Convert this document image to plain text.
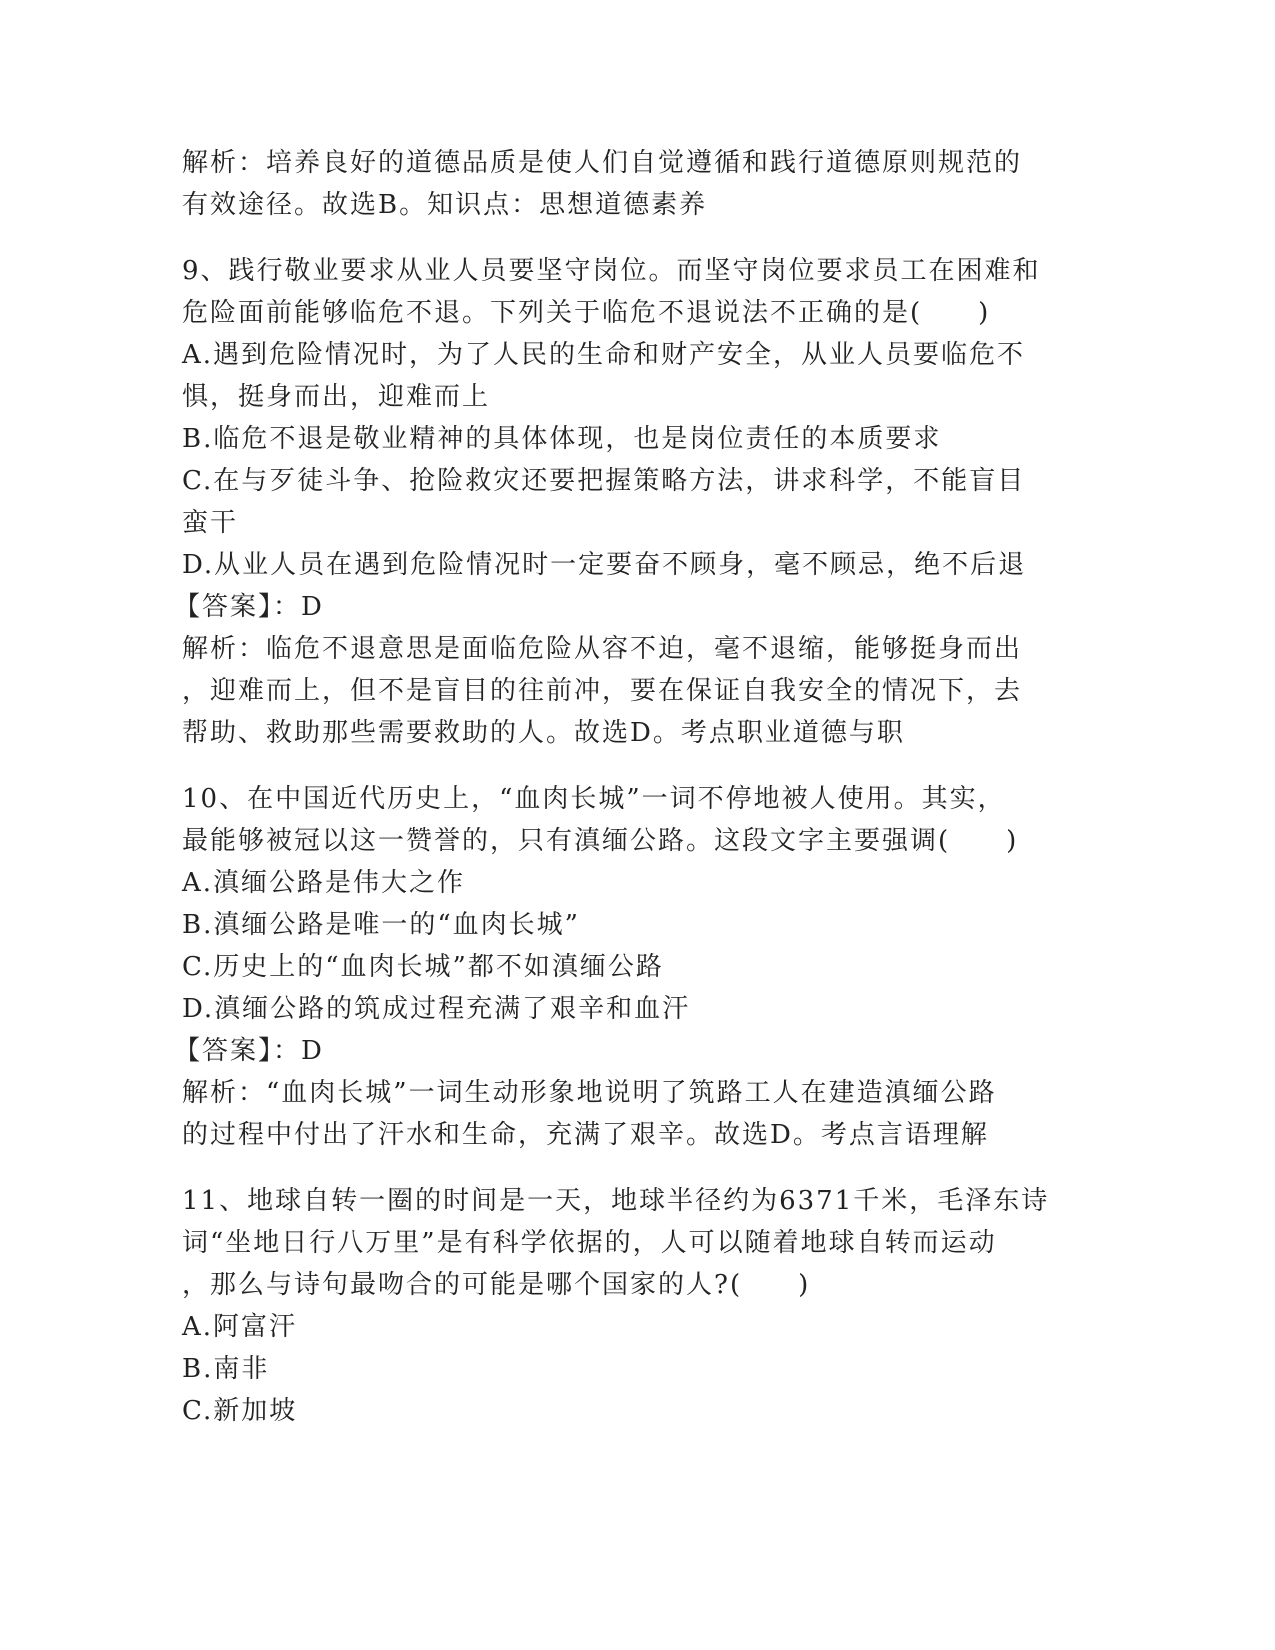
解析：培养良好的道德品质是使人们自觉遵循和践行道德原则规范的
有效途径。故选B。知识点：思想道德素养
9、践行敬业要求从业人员要坚守岗位。而坚守岗位要求员工在困难和
危险面前能够临危不退。下列关于临危不退说法不正确的是(　　)
A.遇到危险情况时，为了人民的生命和财产安全，从业人员要临危不
惧，挺身而出，迎难而上
B.临危不退是敬业精神的具体体现，也是岗位责任的本质要求
C.在与歹徒斗争、抢险救灾还要把握策略方法，讲求科学，不能盲目
蛮干
D.从业人员在遇到危险情况时一定要奋不顾身，毫不顾忌，绝不后退
【答案】：D
解析：临危不退意思是面临危险从容不迫，毫不退缩，能够挺身而出
，迎难而上，但不是盲目的往前冲，要在保证自我安全的情况下，去
帮助、救助那些需要救助的人。故选D。考点职业道德与职
10、在中国近代历史上，“血肉长城”一词不停地被人使用。其实，
最能够被冠以这一赞誉的，只有滇缅公路。这段文字主要强调(　　)
A.滇缅公路是伟大之作
B.滇缅公路是唯一的“血肉长城”
C.历史上的“血肉长城”都不如滇缅公路
D.滇缅公路的筑成过程充满了艰辛和血汗
【答案】：D
解析：“血肉长城”一词生动形象地说明了筑路工人在建造滇缅公路
的过程中付出了汗水和生命，充满了艰辛。故选D。考点言语理解
11、地球自转一圈的时间是一天，地球半径约为6371千米，毛泽东诗
词“坐地日行八万里”是有科学依据的，人可以随着地球自转而运动
，那么与诗句最吻合的可能是哪个国家的人?(　　)
A.阿富汗
B.南非
C.新加坡
